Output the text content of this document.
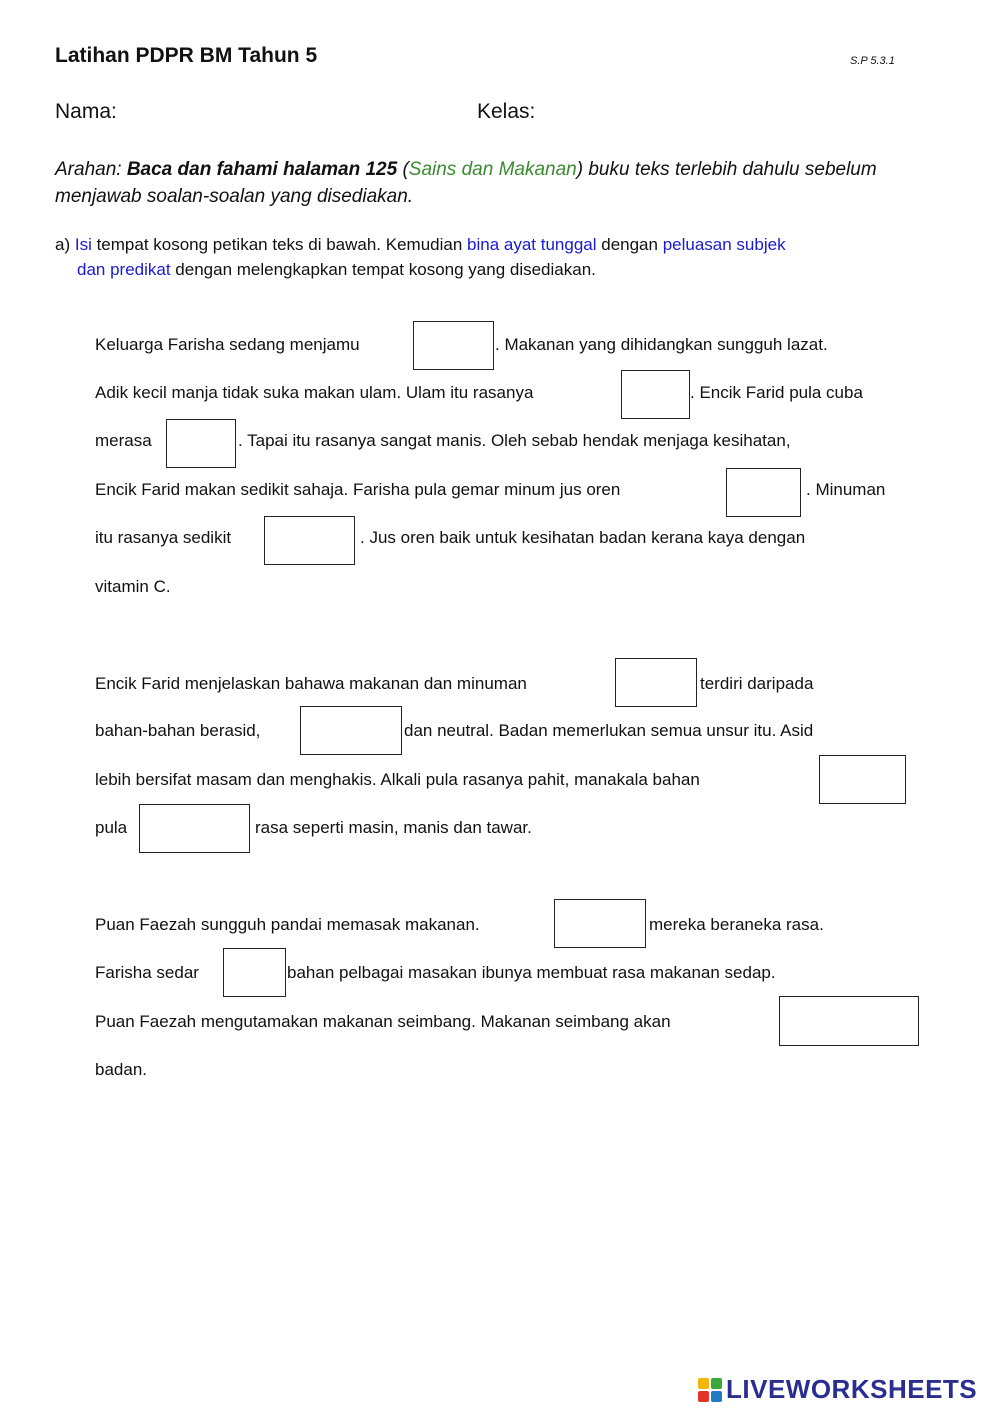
Latihan PDPR BM Tahun 5	S.P 5.3.1
Nama:	Kelas:
Arahan: Baca dan fahami halaman 125 (Sains dan Makanan) buku teks terlebih dahulu sebelum menjawab soalan-soalan yang disediakan.
a) Isi tempat kosong petikan teks di bawah. Kemudian bina ayat tunggal dengan peluasan subjek
dan predikat dengan melengkapkan tempat kosong yang disediakan.
Keluarga Farisha sedang menjamu	. Makanan yang dihidangkan sungguh lazat.
Adik kecil manja tidak suka makan ulam. Ulam itu rasanya	. Encik Farid pula cuba
merasa	. Tapai itu rasanya sangat manis. Oleh sebab hendak menjaga kesihatan,
Encik Farid makan sedikit sahaja. Farisha pula gemar minum jus oren	. Minuman
itu rasanya sedikit	. Jus oren baik untuk kesihatan badan kerana kaya dengan
vitamin C.
Encik Farid menjelaskan bahawa makanan dan minuman	terdiri daripada
bahan-bahan berasid,	dan neutral. Badan memerlukan semua unsur itu. Asid
lebih bersifat masam dan menghakis. Alkali pula rasanya pahit, manakala bahan
pula	rasa seperti masin, manis dan tawar.
Puan Faezah sungguh pandai memasak makanan.	mereka beraneka rasa.
Farisha sedar	bahan pelbagai masakan ibunya membuat rasa makanan sedap.
Puan Faezah mengutamakan makanan seimbang. Makanan seimbang akan
badan.
LIVEWORKSHEETS
